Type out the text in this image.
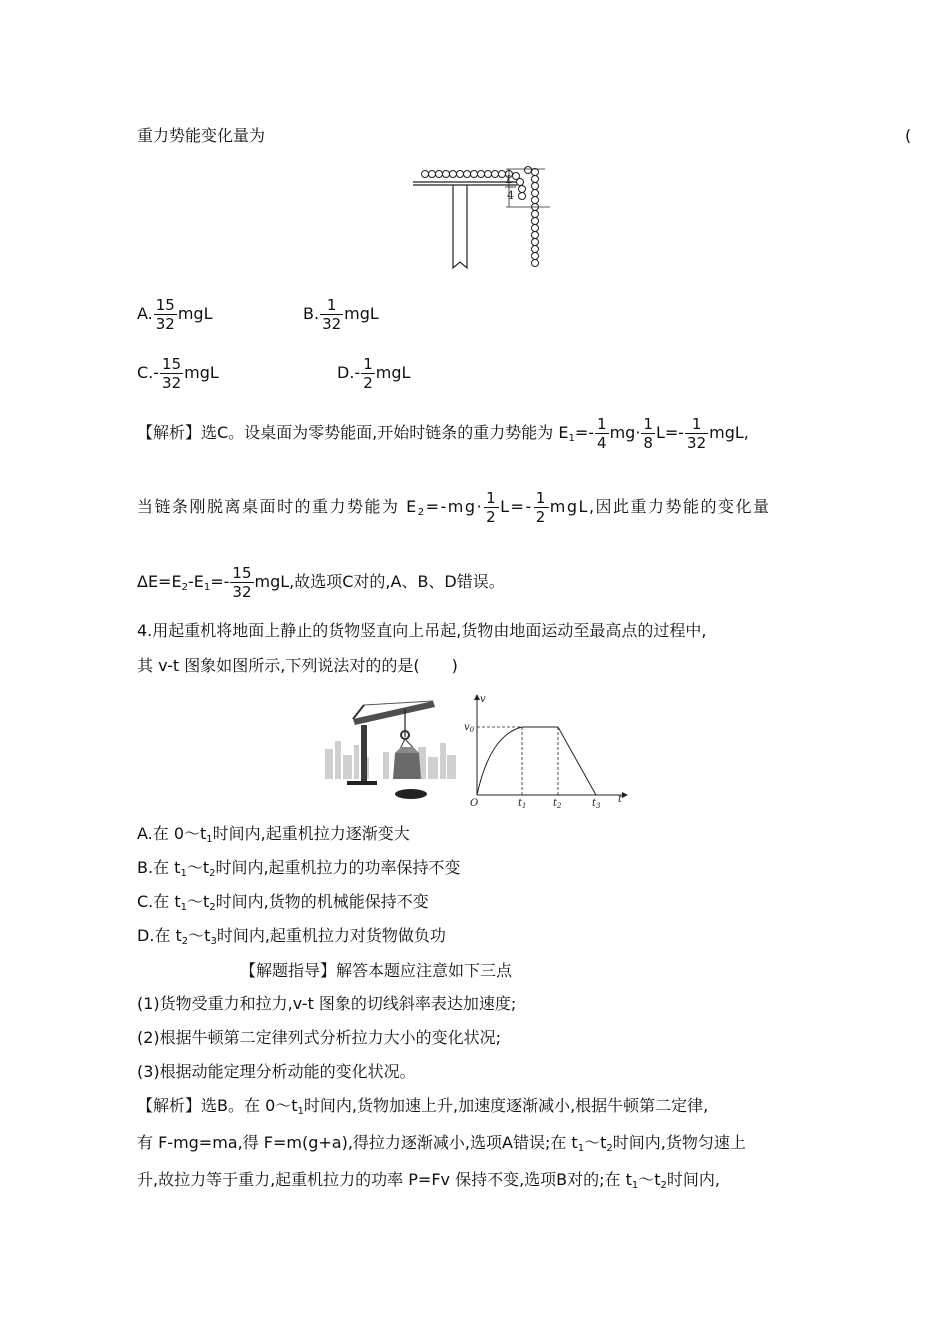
重力势能变化量为	(
L
4
A. $\frac{15}{32}$ mgL	B. $\frac{1}{32}$ mgL
$C.- \frac{15}{32}$ mgL	$D.- \frac{1}{2}$ mgL
【解析】选C。设桌面为零势能面,开始时链条的重力势能为 $E_1=- \frac{1}{4} mg\cdot \frac{1}{8} L=- \frac{1}{32}$ mgL,
当链条刚脱离桌面时的重力势能为 $E_2=-mg\cdot \frac{1}{2} L=- \frac{1}{2}$ mgL,因此重力势能的变化量
$\Delta E=E_2-E_1=- \frac{15}{32}$ mgL,故选项C对的,A、B、D错误。
4.用起重机将地面上静止的货物竖直向上吊起,货物由地面运动至最高点的过程中,
其 v-t 图象如图所示,下列说法对的的是(　　)
v
$v_0$
O	$t_1$	$t_2$	$t_3$
t
A.在 $0\sim t_1$时间内,起重机拉力逐渐变大
B.在 $t_1\sim t_2$时间内,起重机拉力的功率保持不变
C.在 $t_1\sim t_2$时间内,货物的机械能保持不变
D.在 $t_2\sim t_3$时间内,起重机拉力对货物做负功
【解题指导】解答本题应注意如下三点
(1)货物受重力和拉力,v-t 图象的切线斜率表达加速度;
(2)根据牛顿第二定律列式分析拉力大小的变化状况;
(3)根据动能定理分析动能的变化状况。
【解析】选B。在 $0\sim t_1$时间内,货物加速上升,加速度逐渐减小,根据牛顿第二定律,
有 F-mg=ma,得 F=m(g+a),得拉力逐渐减小,选项A错误;在 $t_1\sim t_2$时间内,货物匀速上
升,故拉力等于重力,起重机拉力的功率 P=Fv 保持不变,选项B对的;在 $t_1\sim t_2$时间内,
